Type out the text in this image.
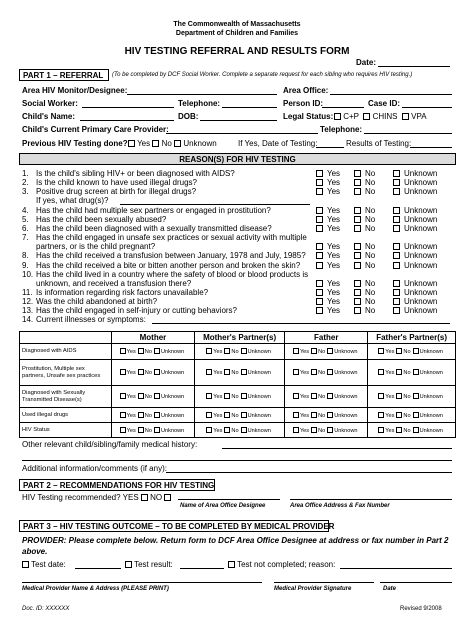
The Commonwealth of Massachusetts
Department of Children and Families
HIV TESTING REFERRAL AND RESULTS FORM
Date:
PART 1 – REFERRAL (To be completed by DCF Social Worker. Complete a separate request for each sibling who requires HIV testing.)
Area HIV Monitor/Designee:	Area Office:
Social Worker:	Telephone:	Person ID:	Case ID:
Child's Name:	DOB:	Legal Status:	C+P CHINS VPA
Child's Current Primary Care Provider:	Telephone:
Previous HIV Testing done?	Yes No Unknown	If Yes, Date of Testing:	Results of Testing:
REASON(S) FOR HIV TESTING
1. Is the child's sibling HIV+ or been diagnosed with AIDS?	Yes	No	Unknown
2. Is the child known to have used illegal drugs?	Yes	No	Unknown
3. Positive drug screen at birth for illegal drugs?	Yes	No	Unknown
If yes, what drug(s)?
4. Has the child had multiple sex partners or engaged in prostitution?	Yes	No	Unknown
5. Has the child been sexually abused?	Yes	No	Unknown
6. Has the child been diagnosed with a sexually transmitted disease?	Yes	No	Unknown
7. Has the child engaged in unsafe sex practices or sexual activity with multiple
partners, or is the child pregnant?	Yes	No	Unknown
8. Has the child received a transfusion between January, 1978 and July, 1985?	Yes	No	Unknown
9. Has the child received a bite or bitten another person and broken the skin?	Yes	No	Unknown
10. Has the child lived in a country where the safety of blood or blood products is
unknown, and received a transfusion there?	Yes	No	Unknown
11. Is information regarding risk factors unavailable?	Yes	No	Unknown
12. Was the child abandoned at birth?	Yes	No	Unknown
13. Has the child engaged in self-injury or cutting behaviors?	Yes	No	Unknown
14. Current illnesses or symptoms:
	Mother	Mother's Partner(s)	Father	Father's Partner(s)
Diagnosed with AIDS	Yes No Unknown	Yes No Unknown	Yes No Unknown	Yes No Unknown
Prostitution, Multiple sex partners, Unsafe sex practices	Yes No Unknown	Yes No Unknown	Yes No Unknown	Yes No Unknown
Diagnosed with Sexually Transmitted Disease(s)	Yes No Unknown	Yes No Unknown	Yes No Unknown	Yes No Unknown
Used illegal drugs	Yes No Unknown	Yes No Unknown	Yes No Unknown	Yes No Unknown
HIV Status	Yes No Unknown	Yes No Unknown	Yes No Unknown	Yes No Unknown
Other relevant child/sibling/family medical history:
Additional information/comments (if any):
PART 2 – RECOMMENDATIONS FOR HIV TESTING
HIV Testing recommended? YES NO
Name of Area Office Designee	Area Office Address & Fax Number
PART 3 – HIV TESTING OUTCOME – TO BE COMPLETED BY MEDICAL PROVIDER
PROVIDER: Please complete below. Return form to DCF Area Office Designee at address or fax number in Part 2 above.
Test date:	Test result:	Test not completed; reason:
Medical Provider Name & Address (PLEASE PRINT)	Medical Provider Signature	Date
Doc. ID: XXXXXX	Revised 9/2008
